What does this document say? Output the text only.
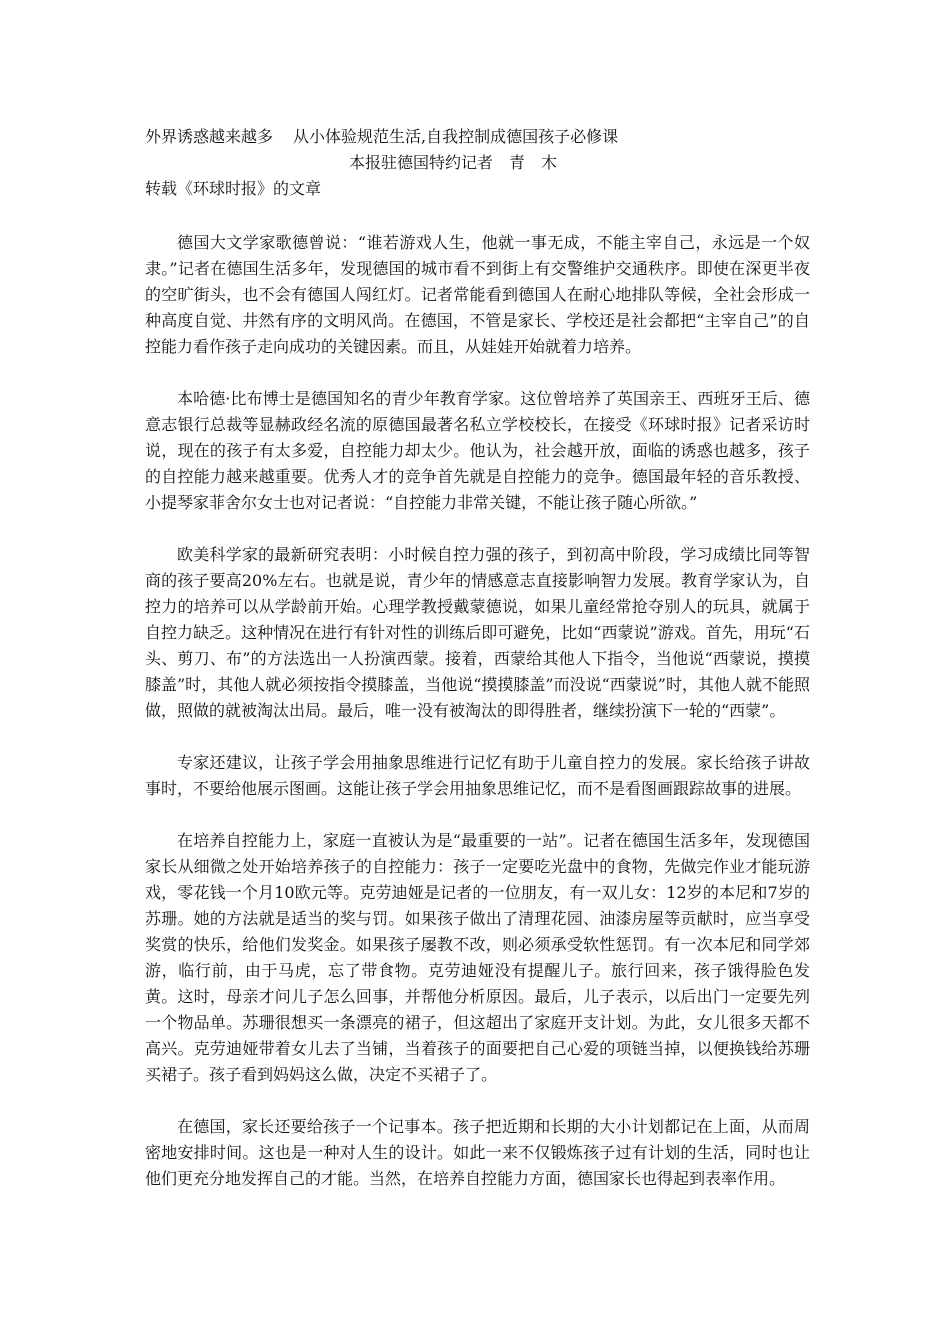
外界诱惑越来越多 从小体验规范生活,自我控制成德国孩子必修课
本报驻德国特约记者 青　木
转载《环球时报》的文章

德国大文学家歌德曾说：“谁若游戏人生，他就一事无成，不能主宰自己，永远是一个奴隶。”记者在德国生活多年，发现德国的城市看不到街上有交警维护交通秩序。即使在深更半夜的空旷街头，也不会有德国人闯红灯。记者常能看到德国人在耐心地排队等候，全社会形成一种高度自觉、井然有序的文明风尚。在德国，不管是家长、学校还是社会都把“主宰自己”的自控能力看作孩子走向成功的关键因素。而且，从娃娃开始就着力培养。

本哈德·比布博士是德国知名的青少年教育学家。这位曾培养了英国亲王、西班牙王后、德意志银行总裁等显赫政经名流的原德国最著名私立学校校长，在接受《环球时报》记者采访时说，现在的孩子有太多爱，自控能力却太少。他认为，社会越开放，面临的诱惑也越多，孩子的自控能力越来越重要。优秀人才的竞争首先就是自控能力的竞争。德国最年轻的音乐教授、小提琴家菲舍尔女士也对记者说：“自控能力非常关键，不能让孩子随心所欲。”

欧美科学家的最新研究表明：小时候自控力强的孩子，到初高中阶段，学习成绩比同等智商的孩子要高20%左右。也就是说，青少年的情感意志直接影响智力发展。教育学家认为，自控力的培养可以从学龄前开始。心理学教授戴蒙德说，如果儿童经常抢夺别人的玩具，就属于自控力缺乏。这种情况在进行有针对性的训练后即可避免，比如“西蒙说”游戏。首先，用玩“石头、剪刀、布”的方法选出一人扮演西蒙。接着，西蒙给其他人下指令，当他说“西蒙说，摸摸膝盖”时，其他人就必须按指令摸膝盖，当他说“摸摸膝盖”而没说“西蒙说”时，其他人就不能照做，照做的就被淘汰出局。最后，唯一没有被淘汰的即得胜者，继续扮演下一轮的“西蒙”。

专家还建议，让孩子学会用抽象思维进行记忆有助于儿童自控力的发展。家长给孩子讲故事时，不要给他展示图画。这能让孩子学会用抽象思维记忆，而不是看图画跟踪故事的进展。

在培养自控能力上，家庭一直被认为是“最重要的一站”。记者在德国生活多年，发现德国家长从细微之处开始培养孩子的自控能力：孩子一定要吃光盘中的食物，先做完作业才能玩游戏，零花钱一个月10欧元等。克劳迪娅是记者的一位朋友，有一双儿女：12岁的本尼和7岁的苏珊。她的方法就是适当的奖与罚。如果孩子做出了清理花园、油漆房屋等贡献时，应当享受奖赏的快乐，给他们发奖金。如果孩子屡教不改，则必须承受软性惩罚。有一次本尼和同学郊游，临行前，由于马虎，忘了带食物。克劳迪娅没有提醒儿子。旅行回来，孩子饿得脸色发黄。这时，母亲才问儿子怎么回事，并帮他分析原因。最后，儿子表示，以后出门一定要先列一个物品单。苏珊很想买一条漂亮的裙子，但这超出了家庭开支计划。为此，女儿很多天都不高兴。克劳迪娅带着女儿去了当铺，当着孩子的面要把自己心爱的项链当掉，以便换钱给苏珊买裙子。孩子看到妈妈这么做，决定不买裙子了。

在德国，家长还要给孩子一个记事本。孩子把近期和长期的大小计划都记在上面，从而周密地安排时间。这也是一种对人生的设计。如此一来不仅锻炼孩子过有计划的生活，同时也让他们更充分地发挥自己的才能。当然，在培养自控能力方面，德国家长也得起到表率作用。
